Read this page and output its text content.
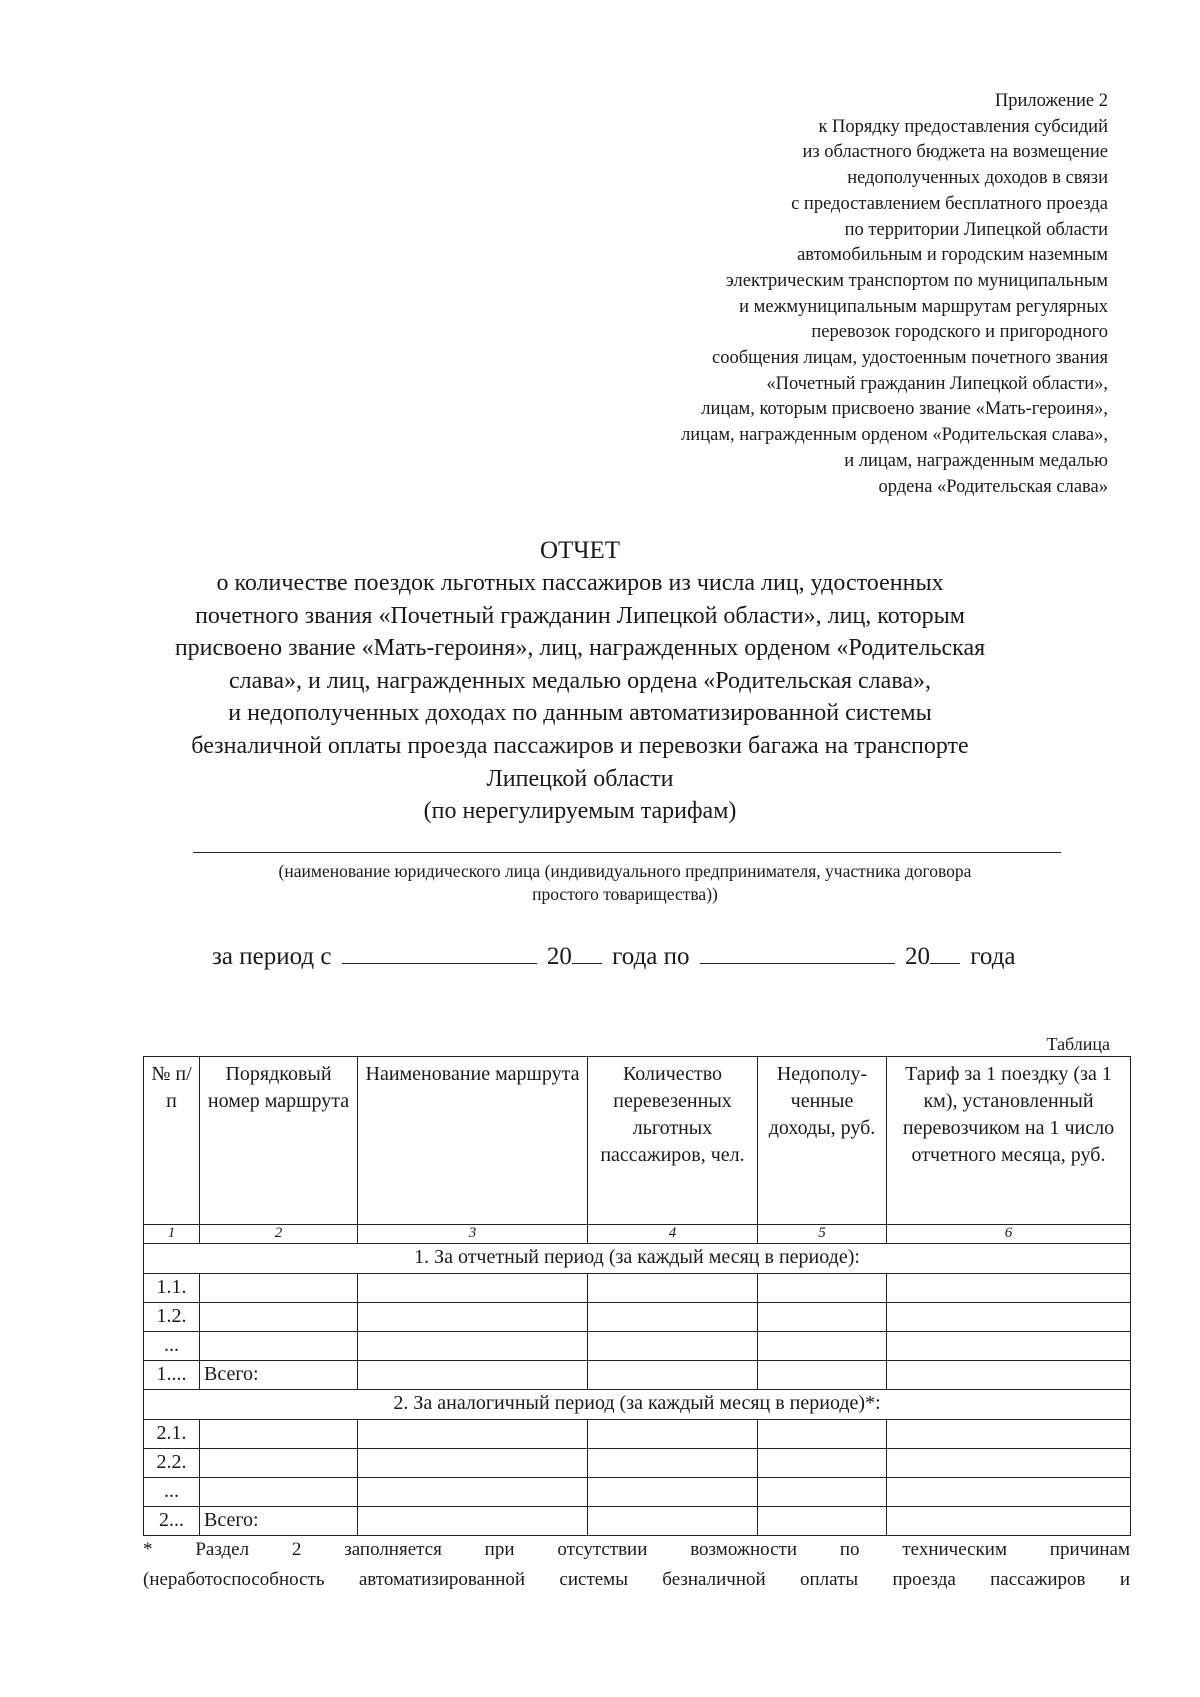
Приложение 2
к Порядку предоставления субсидий
из областного бюджета на возмещение
недополученных доходов в связи
с предоставлением бесплатного проезда
по территории Липецкой области
автомобильным и городским наземным
электрическим транспортом по муниципальным
и межмуниципальным маршрутам регулярных
перевозок городского и пригородного
сообщения лицам, удостоенным почетного звания
«Почетный гражданин Липецкой области»,
лицам, которым присвоено звание «Мать-героиня»,
лицам, награжденным орденом «Родительская слава»,
и лицам, награжденным медалью
ордена «Родительская слава»
ОТЧЕТ
о количестве поездок льготных пассажиров из числа лиц, удостоенных
почетного звания «Почетный гражданин Липецкой области», лиц, которым
присвоено звание «Мать-героиня», лиц, награжденных орденом «Родительская
слава», и лиц, награжденных медалью ордена «Родительская слава»,
и недополученных доходах по данным автоматизированной системы
безналичной оплаты проезда пассажиров и перевозки багажа на транспорте
Липецкой области
(по нерегулируемым тарифам)
(наименование юридического лица (индивидуального предпринимателя, участника договора
простого товарищества))
за период с	20 года по	20 года
Таблица
№ п/п	Порядковый номер маршрута	Наименование маршрута	Количество перевезенных льготных пассажиров, чел.	Недополу-ченные доходы, руб.	Тариф за 1 поездку (за 1 км), установленный перевозчиком на 1 число отчетного месяца, руб.
1	2	3	4	5	6
1. За отчетный период (за каждый месяц в периоде):					
1.1.					
1.2.					
...					
1....	Всего:				
2. За аналогичный период (за каждый месяц в периоде)*:					
2.1.					
2.2.					
...					
2...	Всего:				
* Раздел 2 заполняется при отсутствии возможности по техническим причинам
(неработоспособность автоматизированной системы безналичной оплаты проезда пассажиров и
